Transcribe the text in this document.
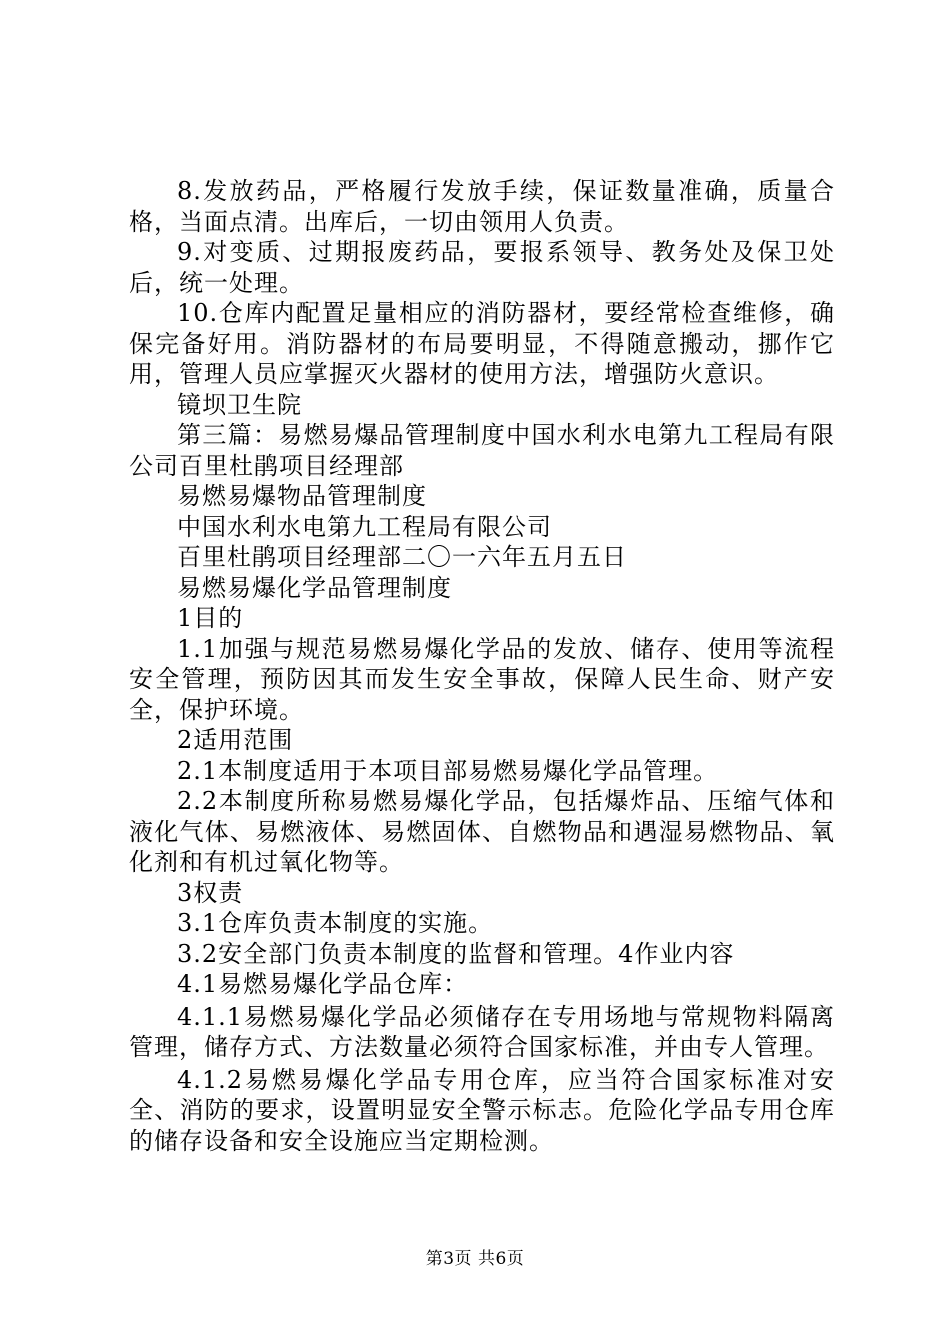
8.发放药品，严格履行发放手续，保证数量准确，质量合格，当面点清。出库后，一切由领用人负责。

9.对变质、过期报废药品，要报系领导、教务处及保卫处后，统一处理。

10.仓库内配置足量相应的消防器材，要经常检查维修，确保完备好用。消防器材的布局要明显，不得随意搬动，挪作它用，管理人员应掌握灭火器材的使用方法，增强防火意识。

镜坝卫生院

第三篇：易燃易爆品管理制度中国水利水电第九工程局有限公司百里杜鹃项目经理部

易燃易爆物品管理制度

中国水利水电第九工程局有限公司

百里杜鹃项目经理部二〇一六年五月五日

易燃易爆化学品管理制度

1目的

1.1加强与规范易燃易爆化学品的发放、储存、使用等流程安全管理，预防因其而发生安全事故，保障人民生命、财产安全，保护环境。

2适用范围

2.1本制度适用于本项目部易燃易爆化学品管理。

2.2本制度所称易燃易爆化学品，包括爆炸品、压缩气体和液化气体、易燃液体、易燃固体、自燃物品和遇湿易燃物品、氧化剂和有机过氧化物等。

3权责

3.1仓库负责本制度的实施。

3.2安全部门负责本制度的监督和管理。4作业内容

4.1易燃易爆化学品仓库：

4.1.1易燃易爆化学品必须储存在专用场地与常规物料隔离管理，储存方式、方法数量必须符合国家标准，并由专人管理。

4.1.2易燃易爆化学品专用仓库，应当符合国家标准对安全、消防的要求，设置明显安全警示标志。危险化学品专用仓库的储存设备和安全设施应当定期检测。

第3页 共6页
